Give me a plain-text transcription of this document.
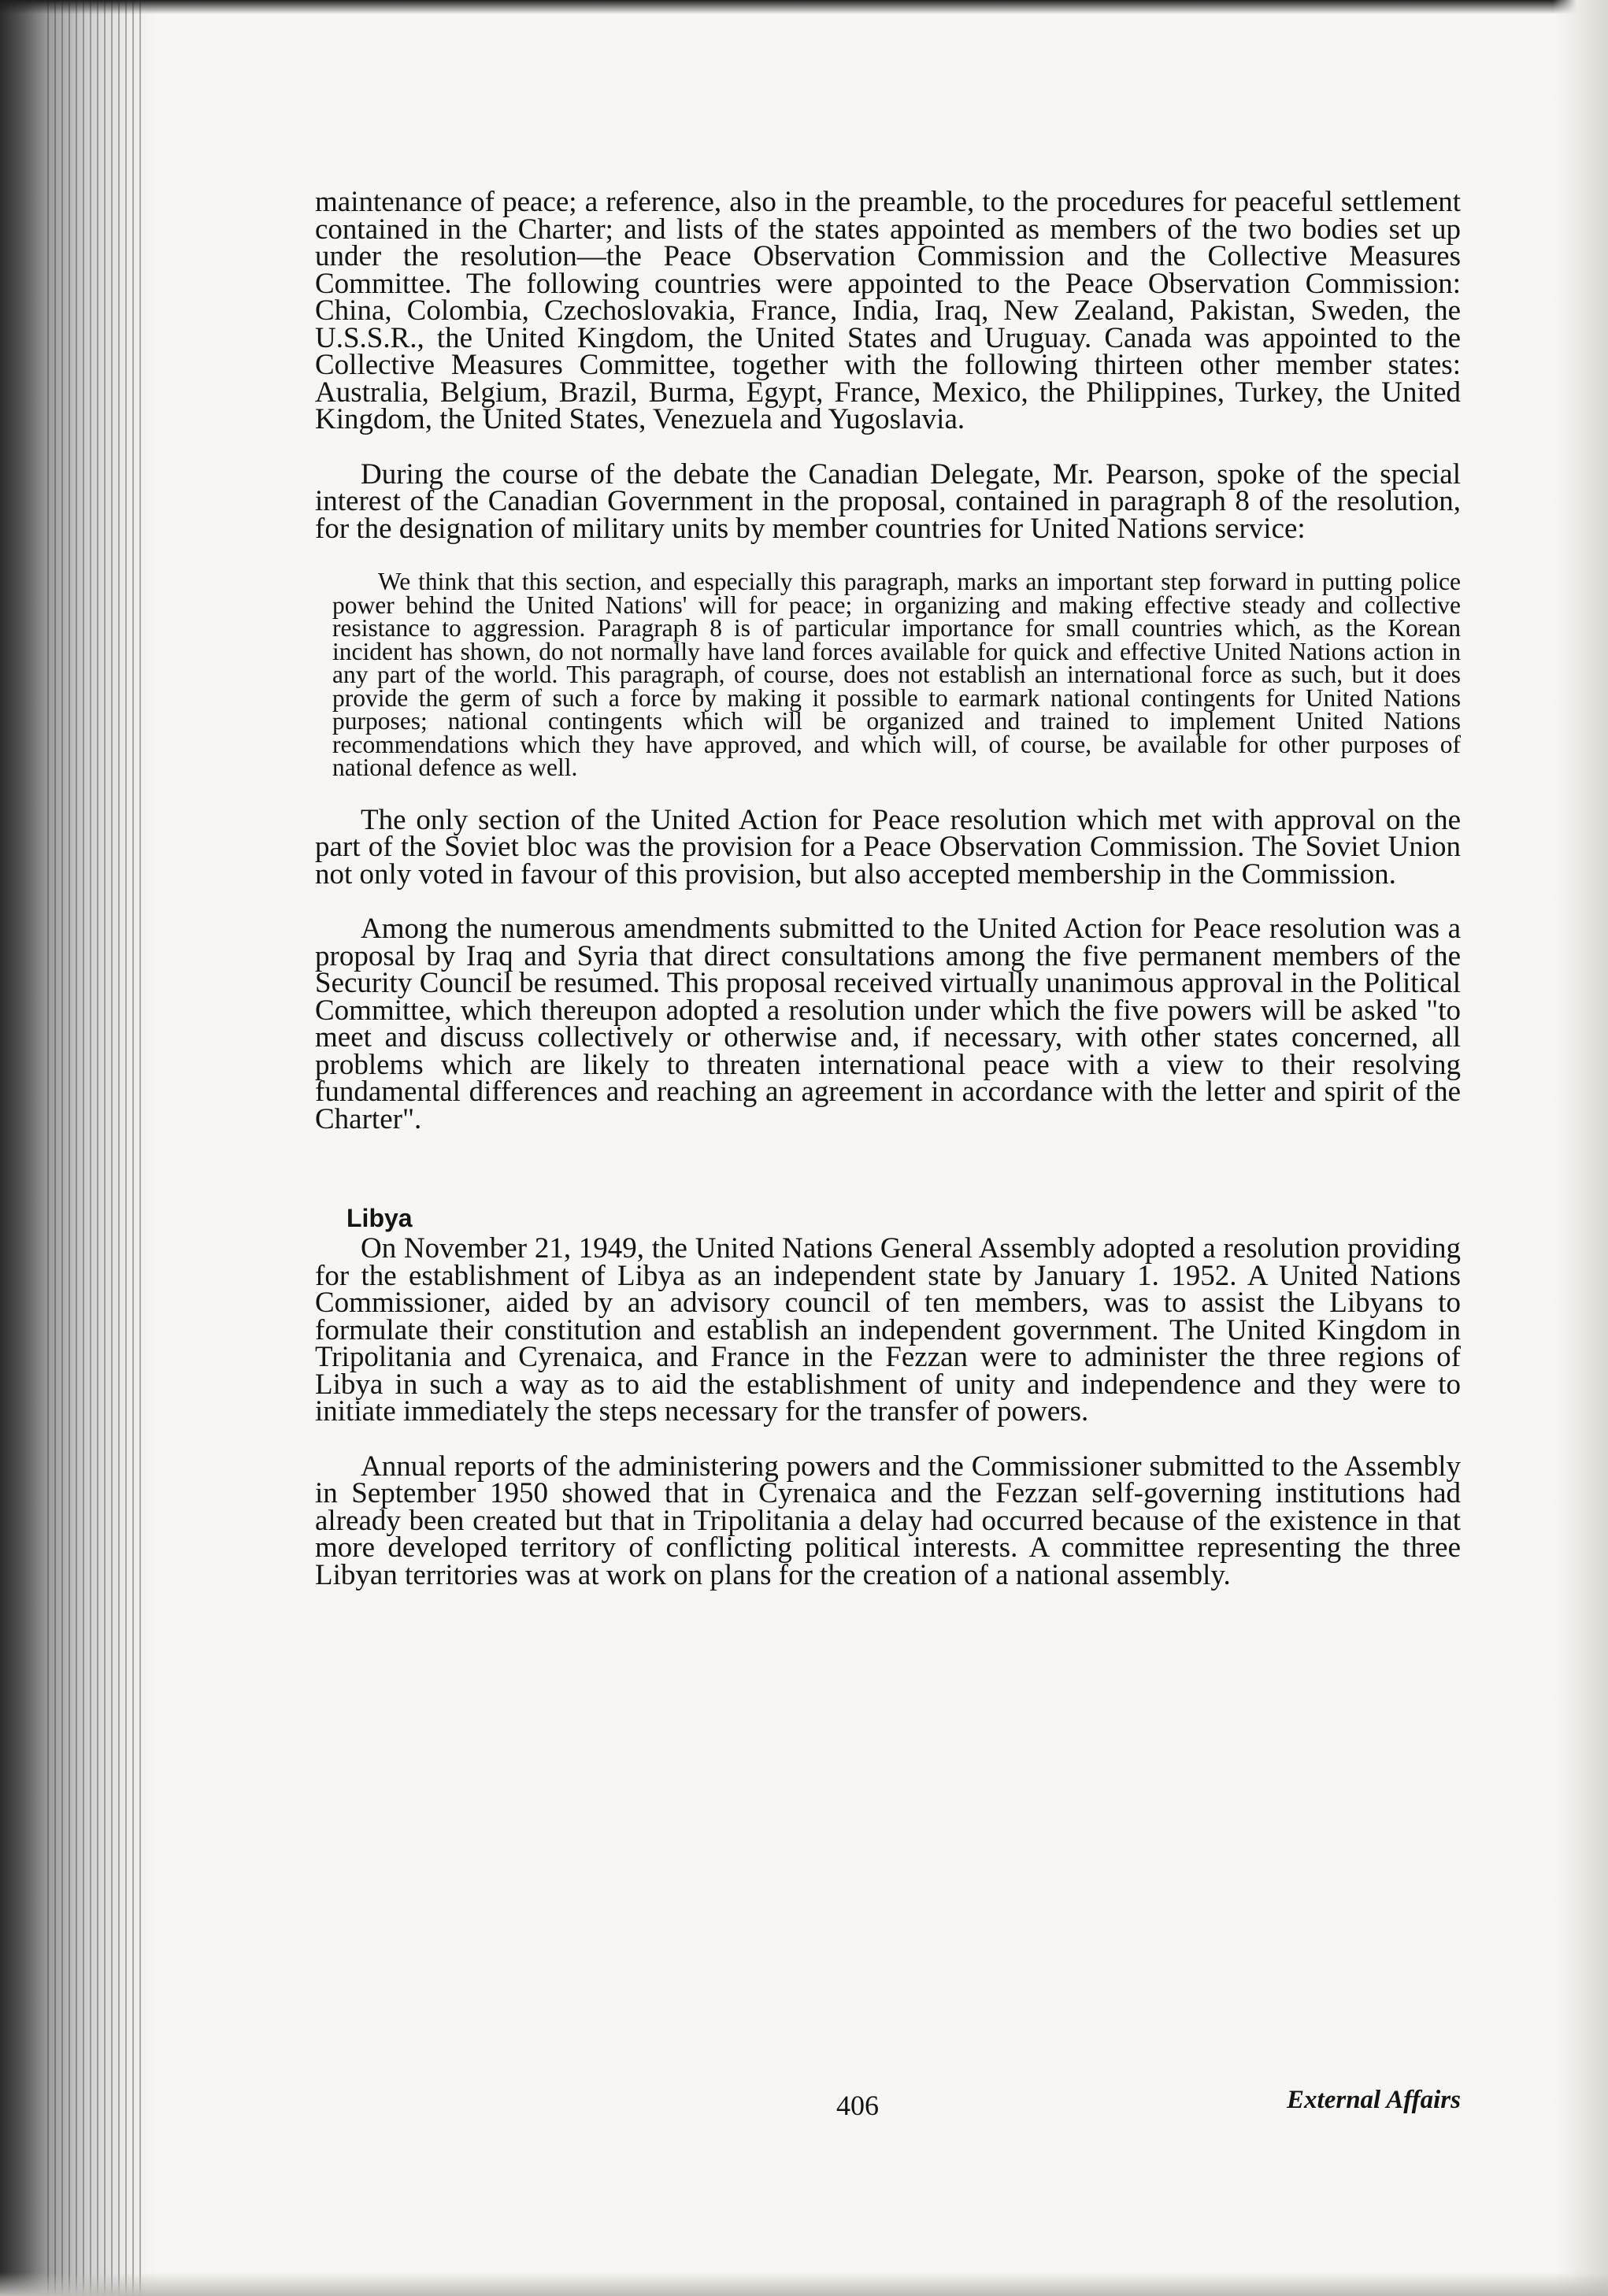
maintenance of peace; a reference, also in the preamble, to the procedures for peaceful settlement contained in the Charter; and lists of the states appointed as members of the two bodies set up under the resolution—the Peace Observation Commission and the Collective Measures Committee. The following countries were appointed to the Peace Observation Commission: China, Colombia, Czechoslovakia, France, India, Iraq, New Zealand, Pakistan, Sweden, the U.S.S.R., the United Kingdom, the United States and Uruguay. Canada was appointed to the Collective Measures Committee, together with the following thirteen other member states: Australia, Belgium, Brazil, Burma, Egypt, France, Mexico, the Philippines, Turkey, the United Kingdom, the United States, Venezuela and Yugoslavia.

During the course of the debate the Canadian Delegate, Mr. Pearson, spoke of the special interest of the Canadian Government in the proposal, contained in paragraph 8 of the resolution, for the designation of military units by member countries for United Nations service:

We think that this section, and especially this paragraph, marks an important step forward in putting police power behind the United Nations' will for peace; in organizing and making effective steady and collective resistance to aggression. Paragraph 8 is of particular importance for small countries which, as the Korean incident has shown, do not normally have land forces available for quick and effective United Nations action in any part of the world. This paragraph, of course, does not establish an international force as such, but it does provide the germ of such a force by making it possible to earmark national contingents for United Nations purposes; national contingents which will be organized and trained to implement United Nations recommendations which they have approved, and which will, of course, be available for other purposes of national defence as well.

The only section of the United Action for Peace resolution which met with approval on the part of the Soviet bloc was the provision for a Peace Observation Commission. The Soviet Union not only voted in favour of this provision, but also accepted membership in the Commission.

Among the numerous amendments submitted to the United Action for Peace resolution was a proposal by Iraq and Syria that direct consultations among the five permanent members of the Security Council be resumed. This proposal received virtually unanimous approval in the Political Committee, which thereupon adopted a resolution under which the five powers will be asked "to meet and discuss collectively or otherwise and, if necessary, with other states concerned, all problems which are likely to threaten international peace with a view to their resolving fundamental differences and reaching an agreement in accordance with the letter and spirit of the Charter".

Libya

On November 21, 1949, the United Nations General Assembly adopted a resolution providing for the establishment of Libya as an independent state by January 1. 1952. A United Nations Commissioner, aided by an advisory council of ten members, was to assist the Libyans to formulate their constitution and establish an independent government. The United Kingdom in Tripolitania and Cyrenaica, and France in the Fezzan were to administer the three regions of Libya in such a way as to aid the establishment of unity and independence and they were to initiate immediately the steps necessary for the transfer of powers.

Annual reports of the administering powers and the Commissioner submitted to the Assembly in September 1950 showed that in Cyrenaica and the Fezzan self-governing institutions had already been created but that in Tripolitania a delay had occurred because of the existence in that more developed territory of conflicting political interests. A committee representing the three Libyan territories was at work on plans for the creation of a national assembly.

406	External Affairs
